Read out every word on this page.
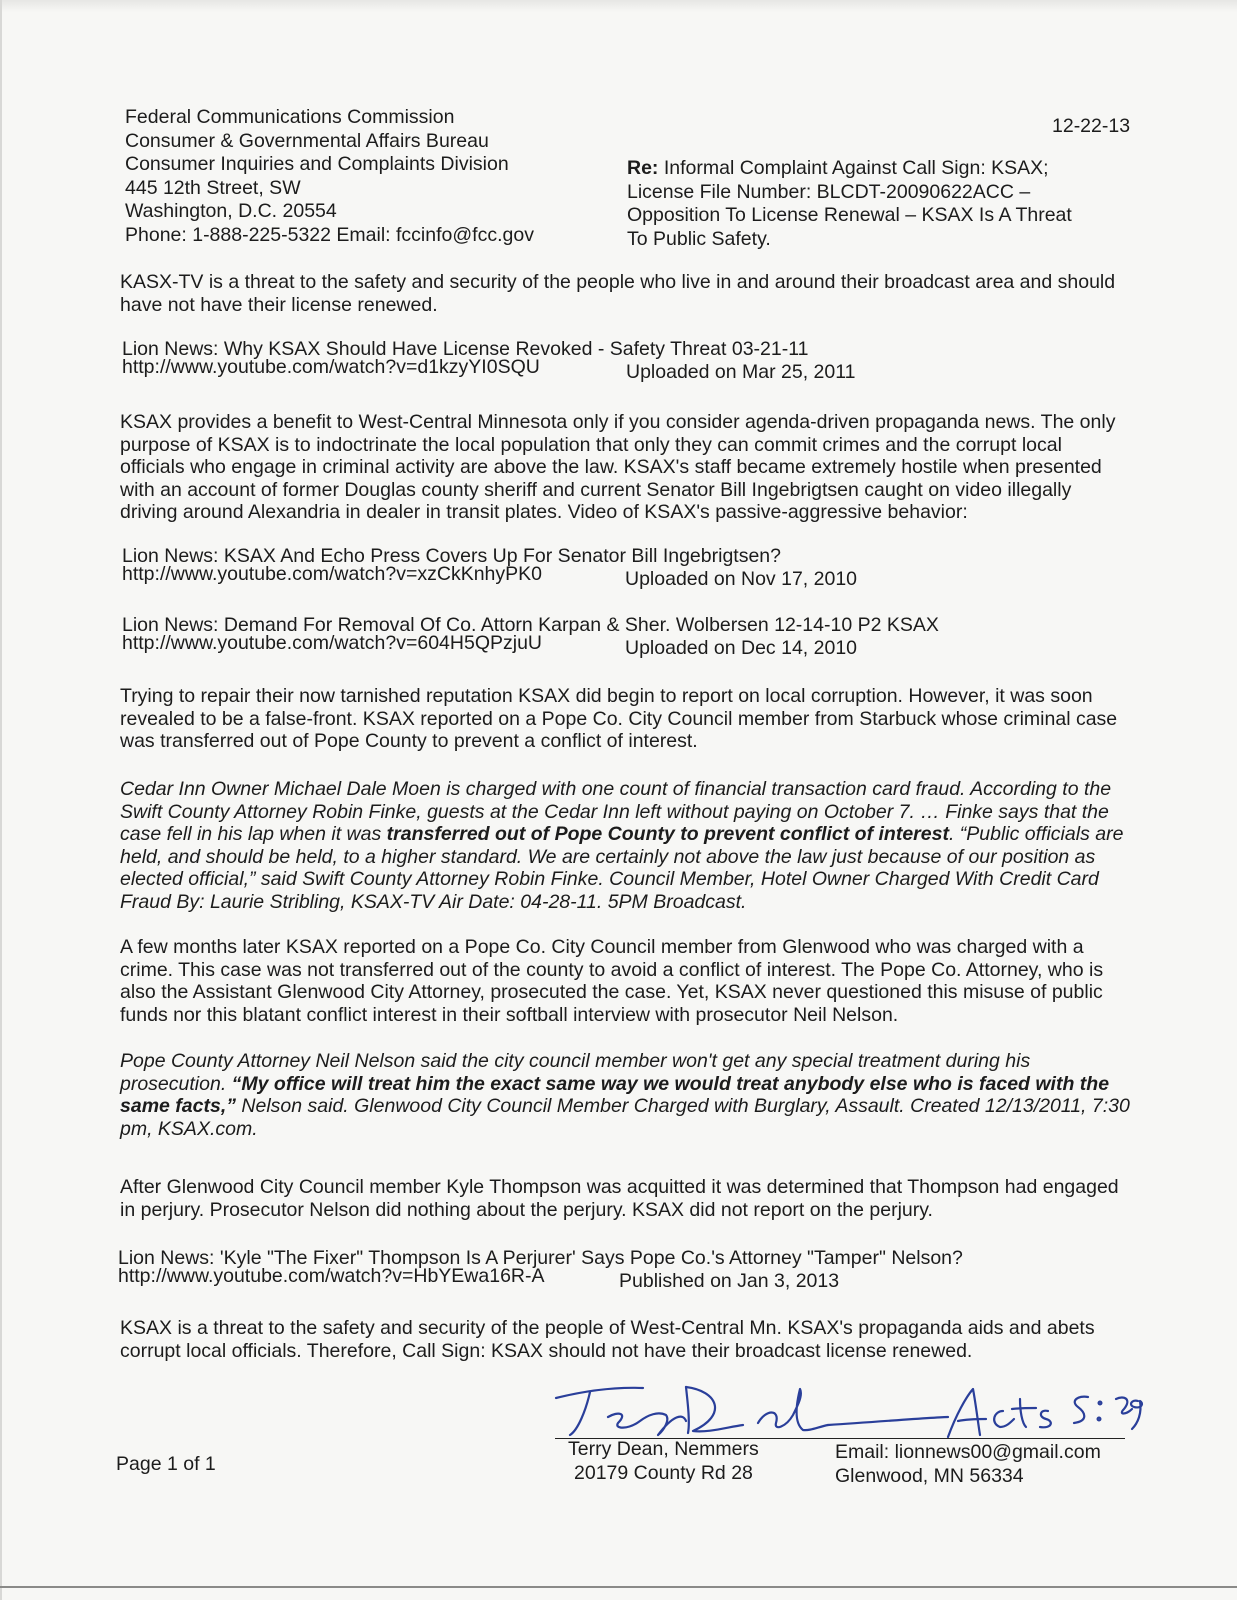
Federal Communications Commission
Consumer & Governmental Affairs Bureau
Consumer Inquiries and Complaints Division
445 12th Street, SW
Washington, D.C. 20554
Phone: 1-888-225-5322 Email: fccinfo@fcc.gov
12-22-13
Re: Informal Complaint Against Call Sign: KSAX;
License File Number: BLCDT-20090622ACC –
Opposition To License Renewal – KSAX Is A Threat
To Public Safety.

KASX-TV is a threat to the safety and security of the people who live in and around their broadcast area and should have not have their license renewed.

Lion News: Why KSAX Should Have License Revoked - Safety Threat 03-21-11
http://www.youtube.com/watch?v=d1kzyYI0SQU	Uploaded on Mar 25, 2011

KSAX provides a benefit to West-Central Minnesota only if you consider agenda-driven propaganda news. The only purpose of KSAX is to indoctrinate the local population that only they can commit crimes and the corrupt local officials who engage in criminal activity are above the law. KSAX's staff became extremely hostile when presented with an account of former Douglas county sheriff and current Senator Bill Ingebrigtsen caught on video illegally driving around Alexandria in dealer in transit plates. Video of KSAX's passive-aggressive behavior:

Lion News: KSAX And Echo Press Covers Up For Senator Bill Ingebrigtsen?
http://www.youtube.com/watch?v=xzCkKnhyPK0	Uploaded on Nov 17, 2010
Lion News: Demand For Removal Of Co. Attorn Karpan & Sher. Wolbersen 12-14-10 P2 KSAX
http://www.youtube.com/watch?v=604H5QPzjuU	Uploaded on Dec 14, 2010

Trying to repair their now tarnished reputation KSAX did begin to report on local corruption. However, it was soon revealed to be a false-front. KSAX reported on a Pope Co. City Council member from Starbuck whose criminal case was transferred out of Pope County to prevent a conflict of interest.

Cedar Inn Owner Michael Dale Moen is charged with one count of financial transaction card fraud. According to the Swift County Attorney Robin Finke, guests at the Cedar Inn left without paying on October 7. … Finke says that the case fell in his lap when it was transferred out of Pope County to prevent conflict of interest. “Public officials are held, and should be held, to a higher standard. We are certainly not above the law just because of our position as elected official,” said Swift County Attorney Robin Finke. Council Member, Hotel Owner Charged With Credit Card Fraud By: Laurie Stribling, KSAX-TV Air Date: 04-28-11. 5PM Broadcast.

A few months later KSAX reported on a Pope Co. City Council member from Glenwood who was charged with a crime. This case was not transferred out of the county to avoid a conflict of interest. The Pope Co. Attorney, who is also the Assistant Glenwood City Attorney, prosecuted the case. Yet, KSAX never questioned this misuse of public funds nor this blatant conflict interest in their softball interview with prosecutor Neil Nelson.

Pope County Attorney Neil Nelson said the city council member won't get any special treatment during his prosecution. “My office will treat him the exact same way we would treat anybody else who is faced with the same facts,” Nelson said. Glenwood City Council Member Charged with Burglary, Assault. Created 12/13/2011, 7:30 pm, KSAX.com.

After Glenwood City Council member Kyle Thompson was acquitted it was determined that Thompson had engaged in perjury. Prosecutor Nelson did nothing about the perjury. KSAX did not report on the perjury.

Lion News: 'Kyle "The Fixer" Thompson Is A Perjurer' Says Pope Co.'s Attorney "Tamper" Nelson?
http://www.youtube.com/watch?v=HbYEwa16R-A	Published on Jan 3, 2013

KSAX is a threat to the safety and security of the people of West-Central Mn. KSAX's propaganda aids and abets corrupt local officials. Therefore, Call Sign: KSAX should not have their broadcast license renewed.

Page 1 of 1
Terry Dean, Nemmers
20179 County Rd 28
Email: lionnews00@gmail.com
Glenwood, MN 56334
